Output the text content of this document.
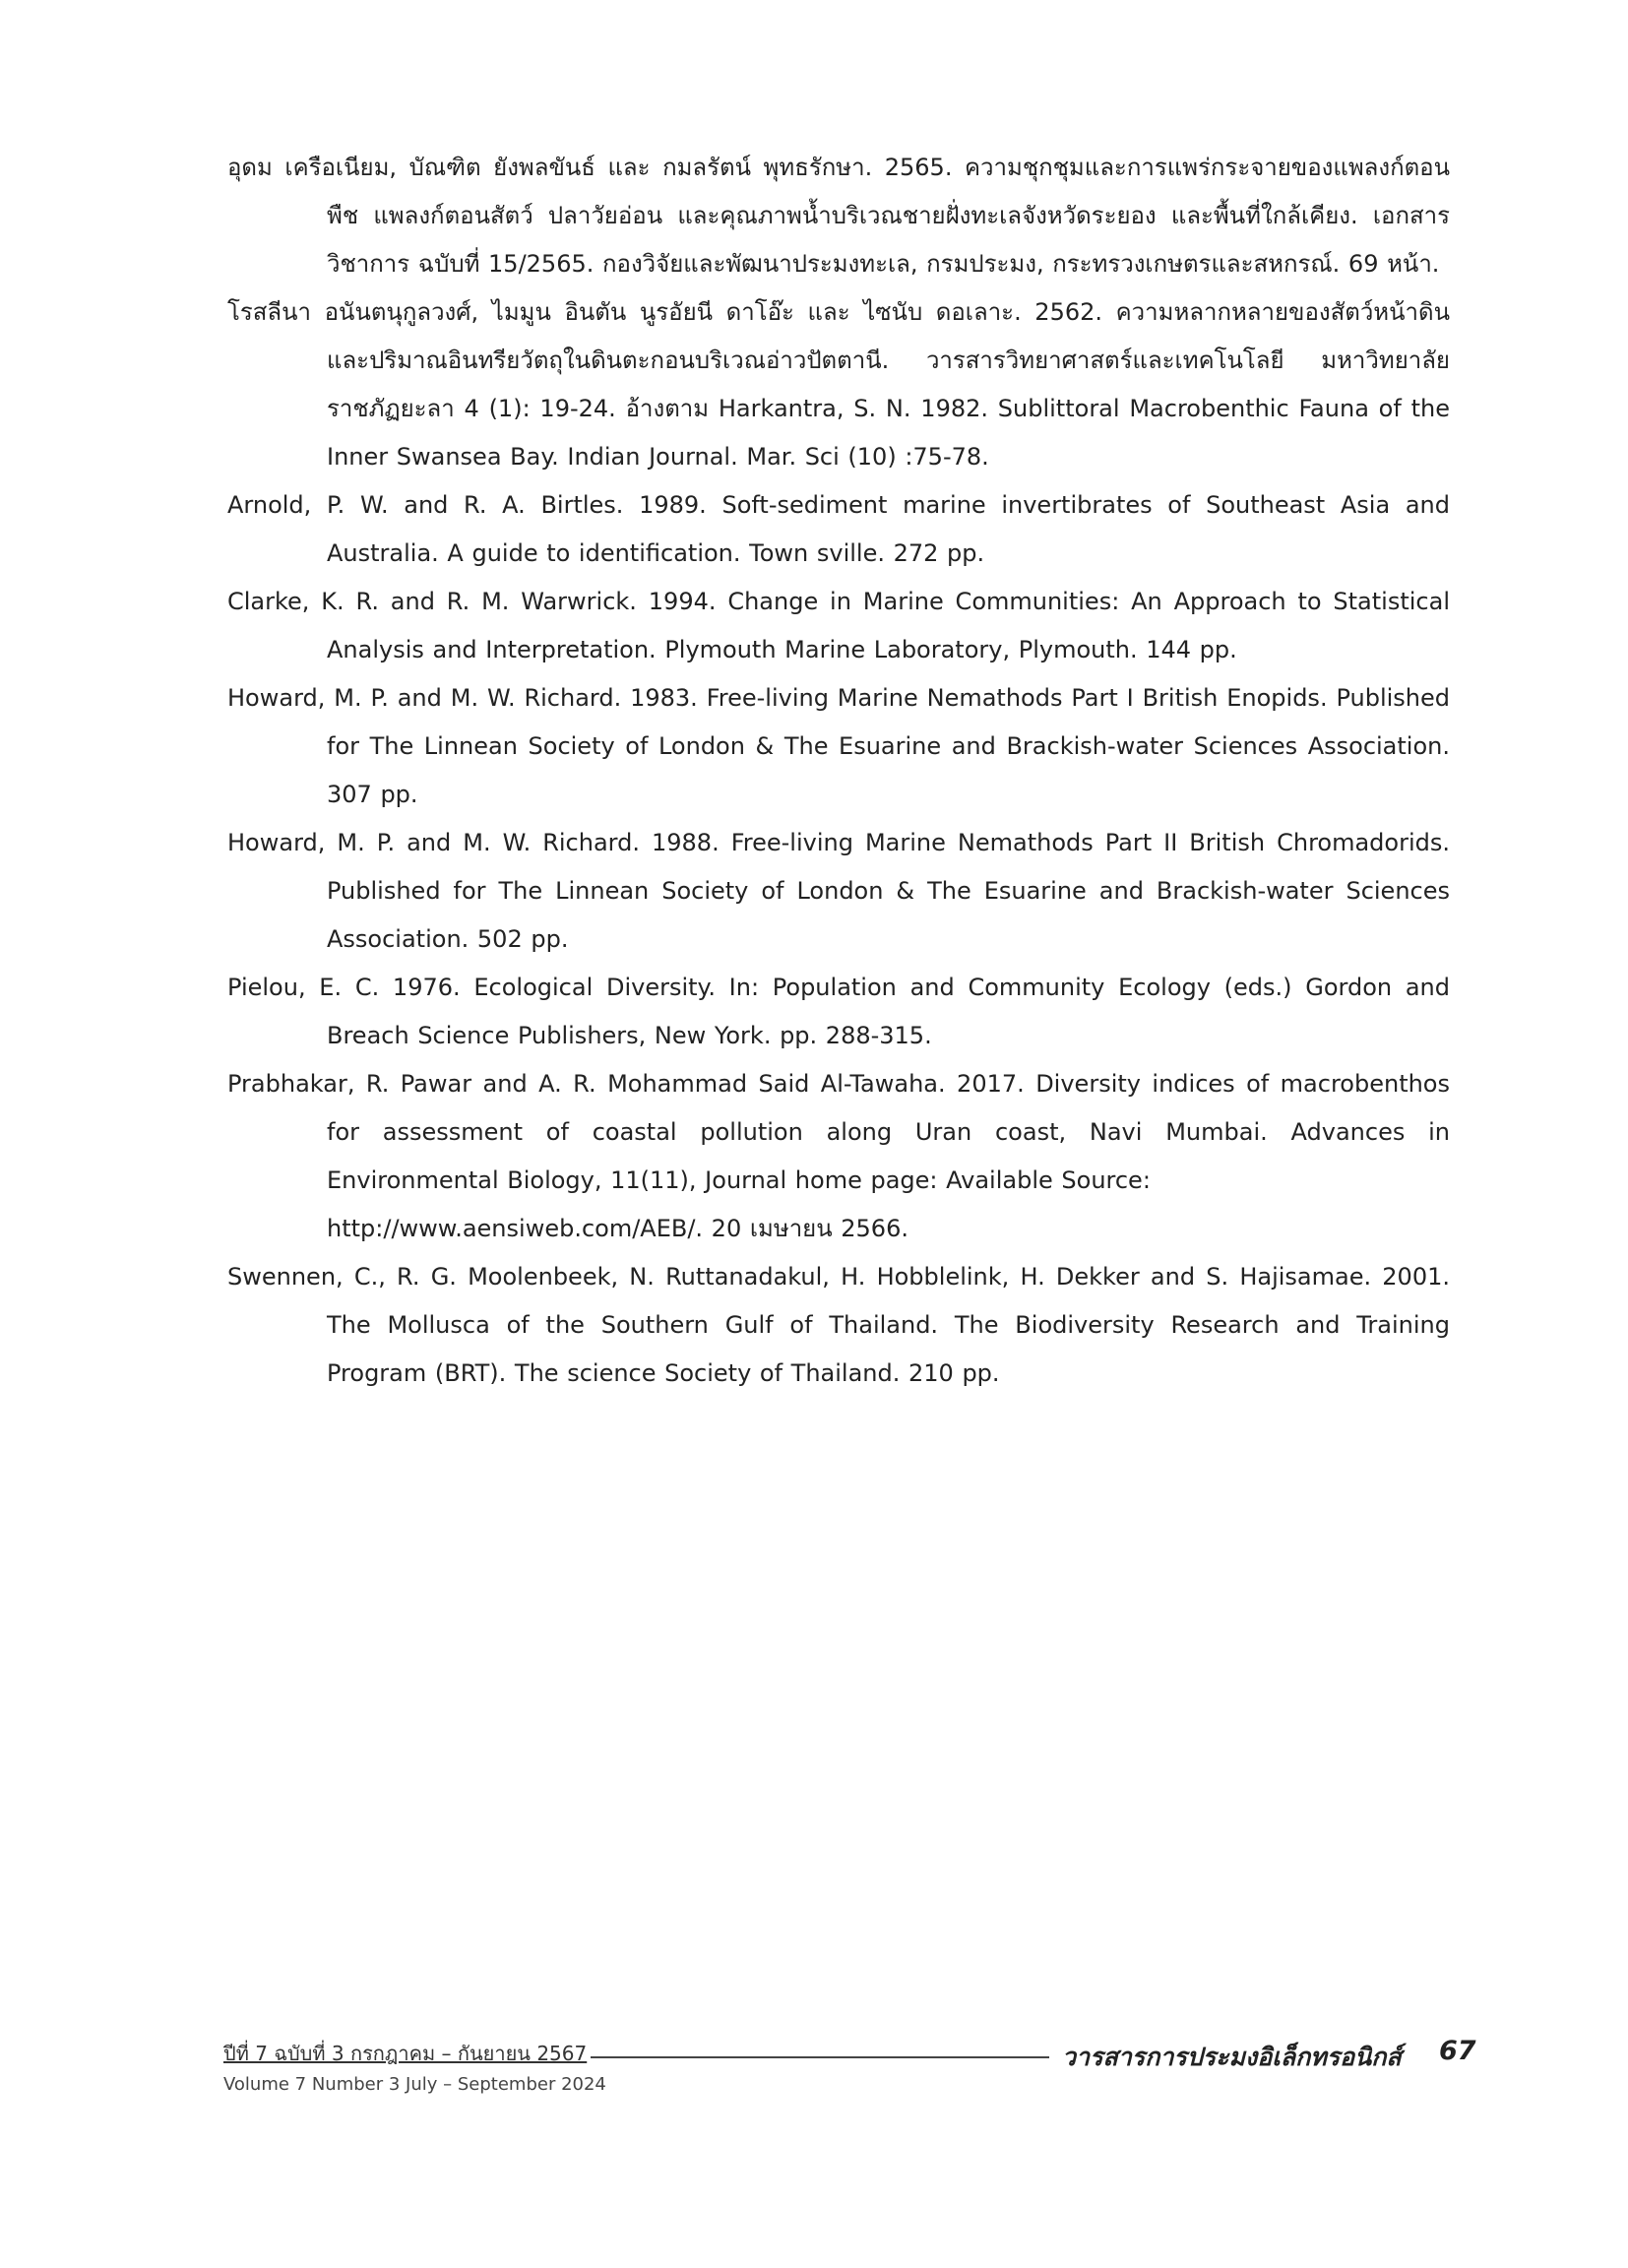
อุดม เครือเนียม, บัณฑิต ยังพลขันธ์ และ กมลรัตน์ พุทธรักษา. 2565. ความชุกชุมและการแพร่กระจายของแพลงก์ตอนพืช แพลงก์ตอนสัตว์ ปลาวัยอ่อน และคุณภาพน้ำบริเวณชายฝั่งทะเลจังหวัดระยอง และพื้นที่ใกล้เคียง. เอกสารวิชาการ ฉบับที่ 15/2565. กองวิจัยและพัฒนาประมงทะเล, กรมประมง, กระทรวงเกษตรและสหกรณ์. 69 หน้า.
โรสลีนา อนันตนุกูลวงศ์, ไมมูน อินตัน นูรอัยนี ดาโอ๊ะ และ ไซนับ ดอเลาะ. 2562. ความหลากหลายของสัตว์หน้าดิน และปริมาณอินทรียวัตถุในดินตะกอนบริเวณอ่าวปัตตานี. วารสารวิทยาศาสตร์และเทคโนโลยี มหาวิทยาลัยราชภัฏยะลา 4 (1): 19-24. อ้างตาม Harkantra, S. N. 1982. Sublittoral Macrobenthic Fauna of the Inner Swansea Bay. Indian Journal. Mar. Sci (10) :75-78.
Arnold, P. W. and R. A. Birtles. 1989. Soft-sediment marine invertibrates of Southeast Asia and Australia. A guide to identification. Town sville. 272 pp.
Clarke, K. R. and R. M. Warwrick. 1994. Change in Marine Communities: An Approach to Statistical Analysis and Interpretation. Plymouth Marine Laboratory, Plymouth. 144 pp.
Howard, M. P. and M. W. Richard. 1983. Free-living Marine Nemathods Part I British Enopids. Published for The Linnean Society of London & The Esuarine and Brackish-water Sciences Association. 307 pp.
Howard, M. P. and M. W. Richard. 1988. Free-living Marine Nemathods Part II British Chromadorids. Published for The Linnean Society of London & The Esuarine and Brackish-water Sciences Association. 502 pp.
Pielou, E. C. 1976. Ecological Diversity. In: Population and Community Ecology (eds.) Gordon and Breach Science Publishers, New York. pp. 288-315.
Prabhakar, R. Pawar and A. R. Mohammad Said Al-Tawaha. 2017. Diversity indices of macrobenthos for assessment of coastal pollution along Uran coast, Navi Mumbai. Advances in Environmental Biology, 11(11), Journal home page: Available Source:
http://www.aensiweb.com/AEB/. 20 เมษายน 2566.
Swennen, C., R. G. Moolenbeek, N. Ruttanadakul, H. Hobblelink, H. Dekker and S. Hajisamae. 2001. The Mollusca of the Southern Gulf of Thailand. The Biodiversity Research and Training Program (BRT). The science Society of Thailand. 210 pp.
ปีที่ 7 ฉบับที่ 3 กรกฎาคม – กันยายน 2567	วารสารการประมงอิเล็กทรอนิกส์ 67
Volume 7 Number 3 July – September 2024
